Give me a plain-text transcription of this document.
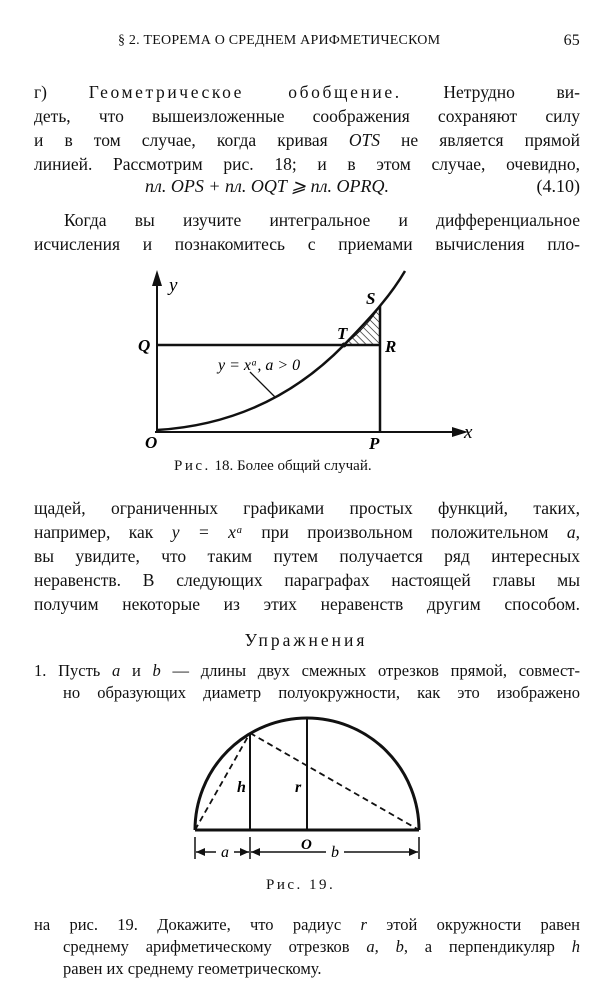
§ 2. ТЕОРЕМА О СРЕДНЕМ АРИФМЕТИЧЕСКОМ	65
г) Геометрическое обобщение. Нетрудно ви-
деть, что вышеизложенные соображения сохраняют силу
и в том случае, когда кривая OTS не является прямой
линией. Рассмотрим рис. 18; и в этом случае, очевидно,
пл. OPS + пл. OQT ⩾ пл. OPRQ.	(4.10)
Когда вы изучите интегральное и дифференциальное
исчисления и познакомитесь с приемами вычисления пло-
y
x
Q
O	P
S
T
R
y = xᵃ, a > 0
Рис. 18. Более общий случай.
щадей, ограниченных графиками простых функций, таких,
например, как y = xᵃ при произвольном положительном a,
вы увидите, что таким путем получается ряд интересных
неравенств. В следующих параграфах настоящей главы мы
получим некоторые из этих неравенств другим способом.
Упражнения
1. Пусть a и b — длины двух смежных отрезков прямой, совмест-
но образующих диаметр полуокружности, как это изображено
h	r
O
a	b
Рис. 19.
на рис. 19. Докажите, что радиус r этой окружности равен
среднему арифметическому отрезков a, b, а перпендикуляр h
равен их среднему геометрическому.
